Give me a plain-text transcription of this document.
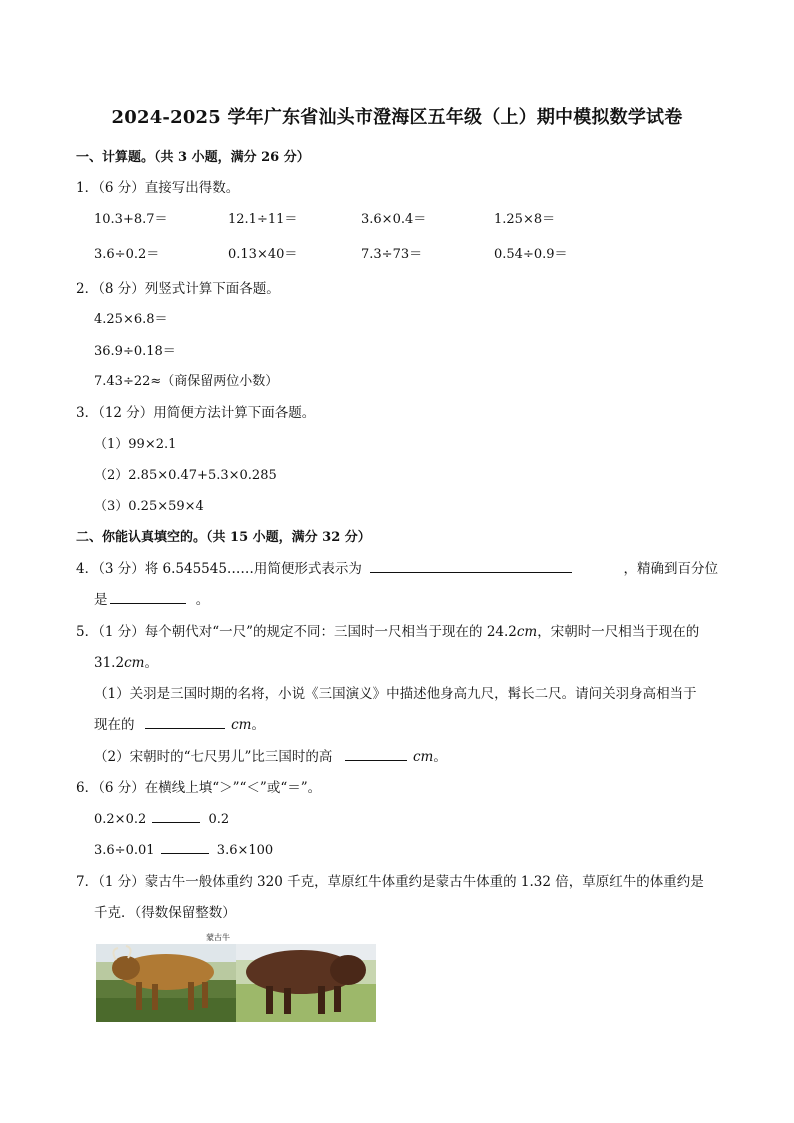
2024-2025 学年广东省汕头市澄海区五年级（上）期中模拟数学试卷
一、计算题。（共 3 小题，满分 26 分）
1．（6 分）直接写出得数。
10.3+8.7＝	12.1÷11＝	3.6×0.4＝	1.25×8＝
3.6÷0.2＝	0.13×40＝	7.3÷73＝	0.54÷0.9＝
2．（8 分）列竖式计算下面各题。
4.25×6.8＝
36.9÷0.18＝
7.43÷22≈（商保留两位小数）
3．（12 分）用简便方法计算下面各题。
（1）99×2.1
（2）2.85×0.47+5.3×0.285
（3）0.25×59×4
二、你能认真填空的。（共 15 小题，满分 32 分）
4．（3 分）将 6.545545……用简便形式表示为	，精确到百分位
是	。
5．（1 分）每个朝代对“一尺”的规定不同：三国时一尺相当于现在的 24.2cm，宋朝时一尺相当于现在的
31.2cm。
（1）关羽是三国时期的名将，小说《三国演义》中描述他身高九尺，髯长二尺。请问关羽身高相当于
现在的	cm。
（2）宋朝时的“七尺男儿”比三国时的高	cm。
6．（6 分）在横线上填“＞”“＜”或“＝”。
0.2×0.2	0.2
3.6÷0.01	3.6×100
7．（1 分）蒙古牛一般体重约 320 千克，草原红牛体重约是蒙古牛体重的 1.32 倍，草原红牛的体重约是
千克．（得数保留整数）
蒙古牛
